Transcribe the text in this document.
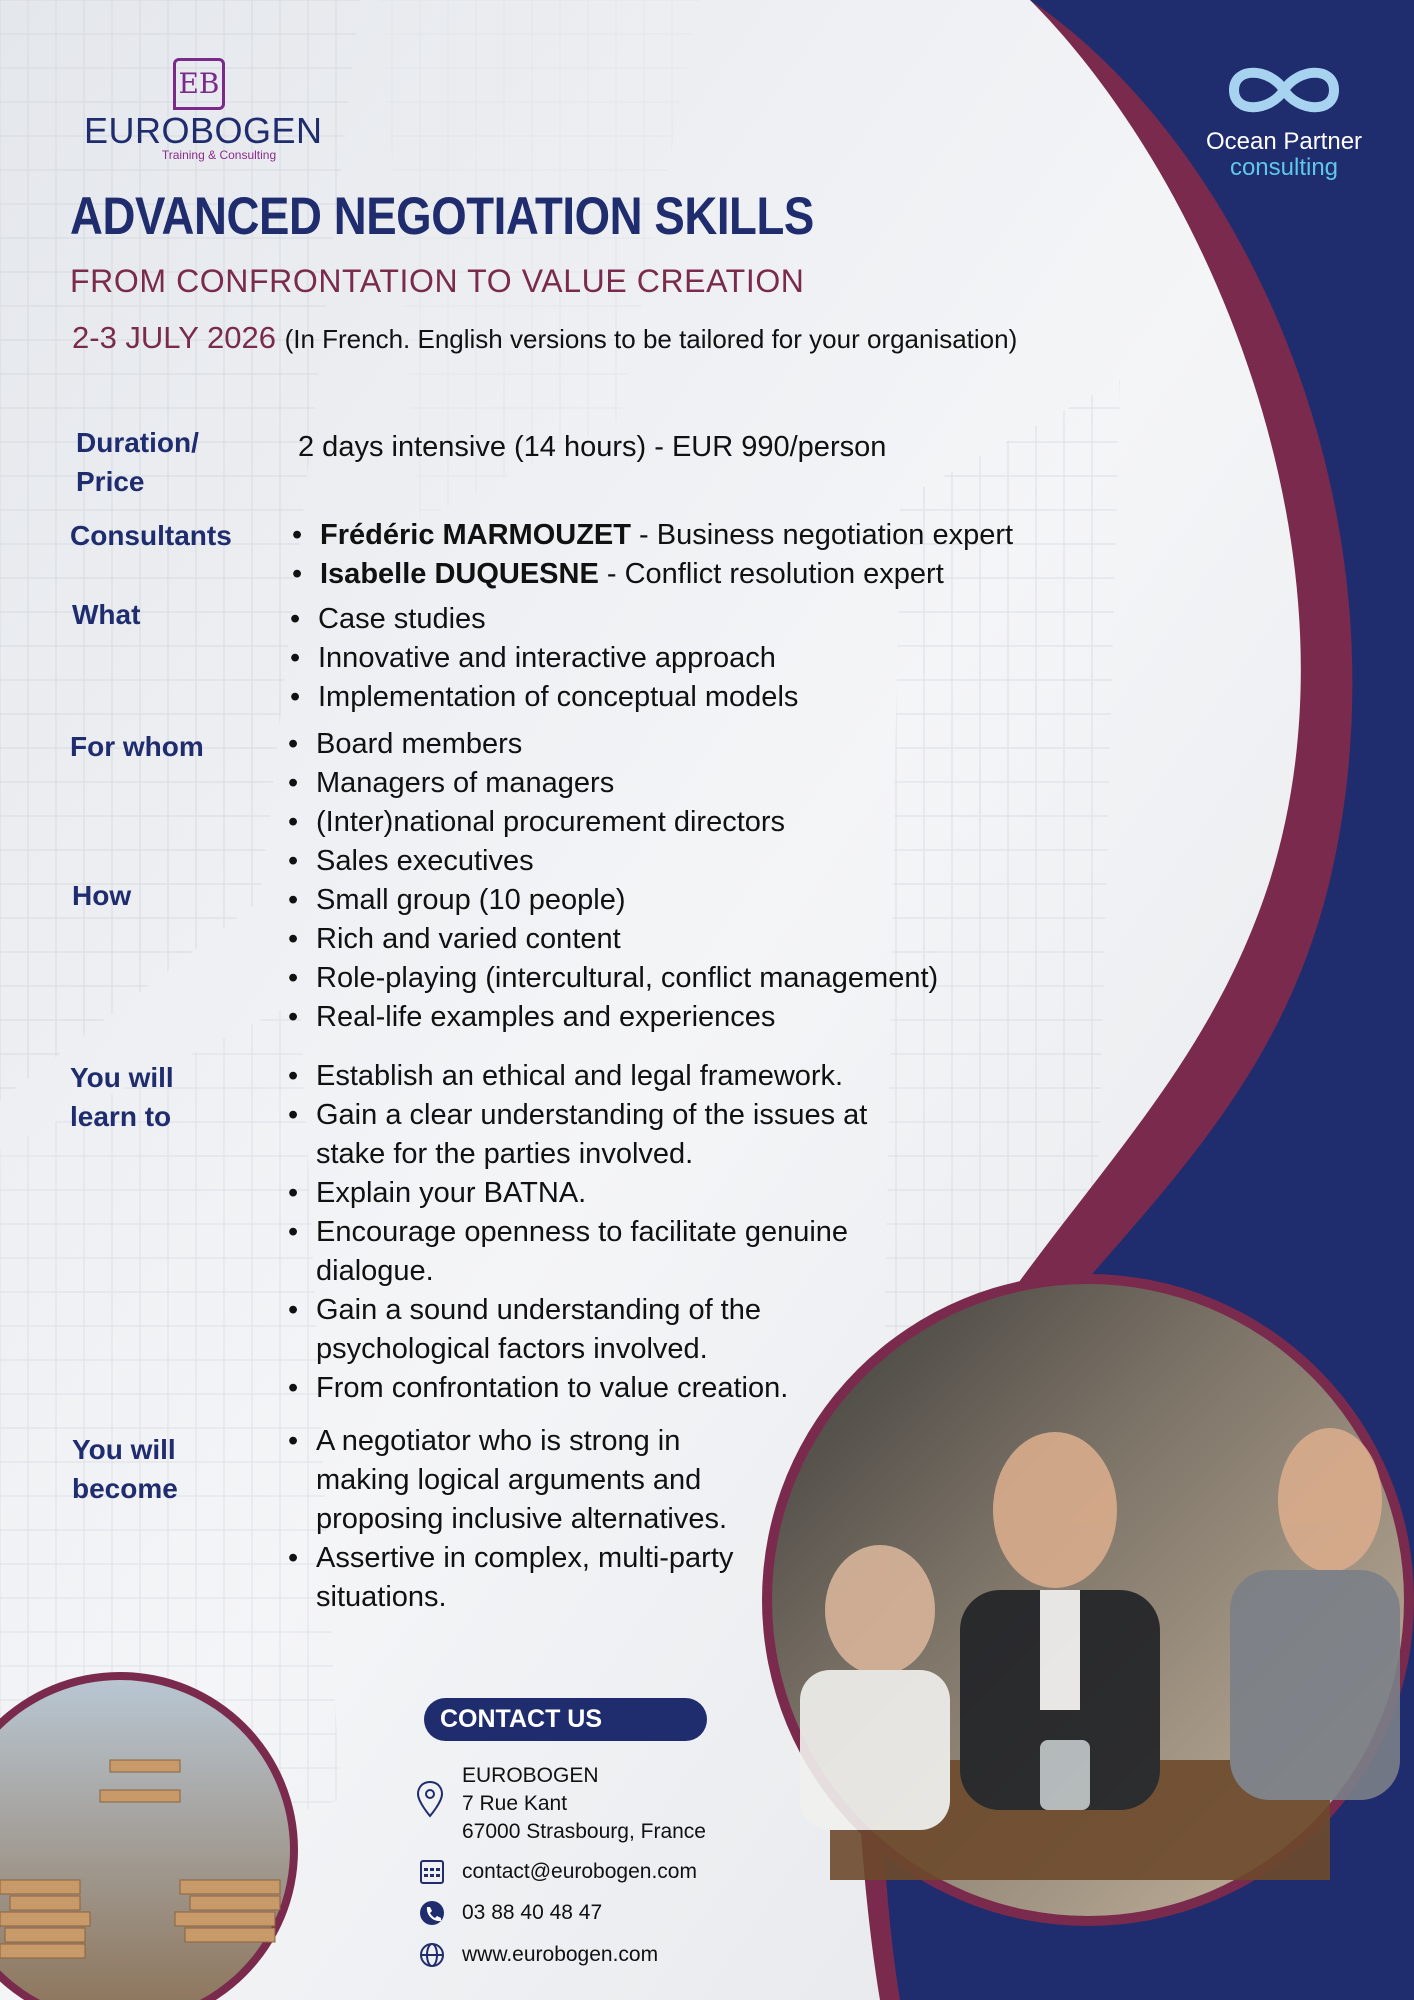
EB
EUROBOGEN
Training & Consulting	Ocean Partner
consulting
ADVANCED NEGOTIATION SKILLS
FROM CONFRONTATION TO VALUE CREATION
2-3 JULY 2026 (In French. English versions to be tailored for your organisation)
Duration/
Price
2 days intensive (14 hours) - EUR 990/person
Consultants	• Frédéric MARMOUZET - Business negotiation expert
• Isabelle DUQUESNE - Conflict resolution expert
What	• Case studies
• Innovative and interactive approach
• Implementation of conceptual models
For whom	• Board members
• Managers of managers
• (Inter)national procurement directors
• Sales executives
How	• Small group (10 people)
• Rich and varied content
• Role-playing (intercultural, conflict management)
• Real-life examples and experiences
You will
learn to
• Establish an ethical and legal framework.
• Gain a clear understanding of the issues at stake for the parties involved.
• Explain your BATNA.
• Encourage openness to facilitate genuine dialogue.
• Gain a sound understanding of the psychological factors involved.
• From confrontation to value creation.
You will
become
• A negotiator who is strong in making logical arguments and proposing inclusive alternatives.
• Assertive in complex, multi-party situations.
CONTACT US
EUROBOGEN
7 Rue Kant
67000 Strasbourg, France
contact@eurobogen.com
03 88 40 48 47
www.eurobogen.com
